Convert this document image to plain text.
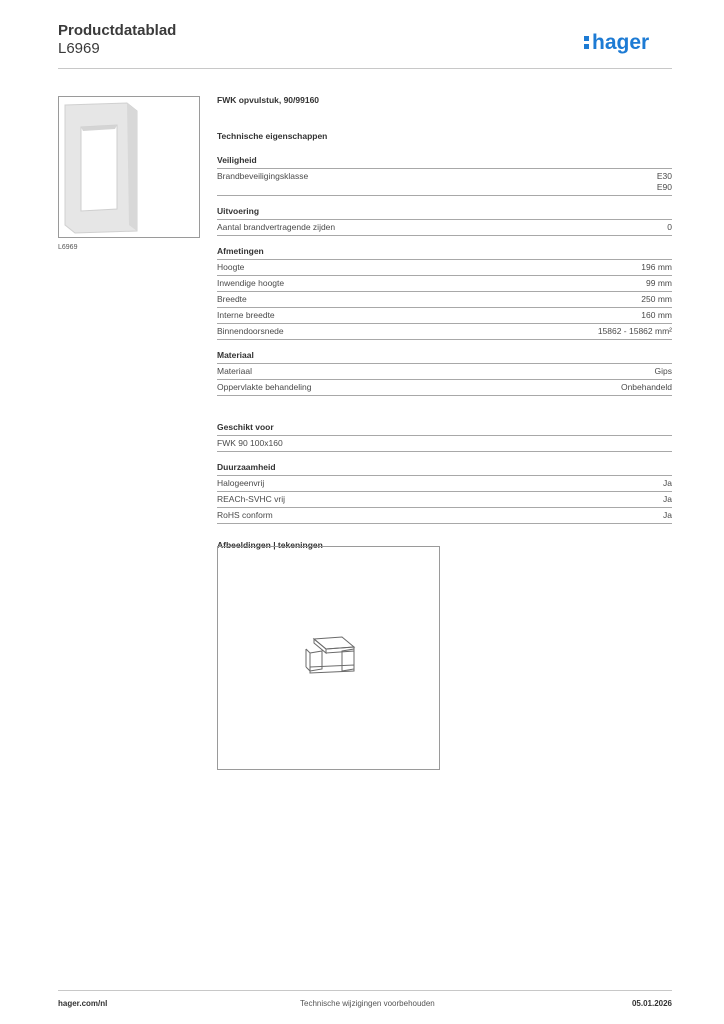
Productdatablad
L6969	hager
L6969
FWK opvulstuk, 90/99160
Technische eigenschappen
Veiligheid
Brandbeveiligingsklasse	E30
E90
Uitvoering
Aantal brandvertragende zijden	0
Afmetingen
Hoogte	196 mm
Inwendige hoogte	99 mm
Breedte	250 mm
Interne breedte	160 mm
Binnendoorsnede	15862 - 15862 mm²
Materiaal
Materiaal	Gips
Oppervlakte behandeling	Onbehandeld
Geschikt voor
FWK 90 100x160
Duurzaamheid
Halogeenvrij	Ja
REACh-SVHC vrij	Ja
RoHS conform	Ja
Afbeeldingen | tekeningen
hager.com/nl	Technische wijzigingen voorbehouden	05.01.2026
